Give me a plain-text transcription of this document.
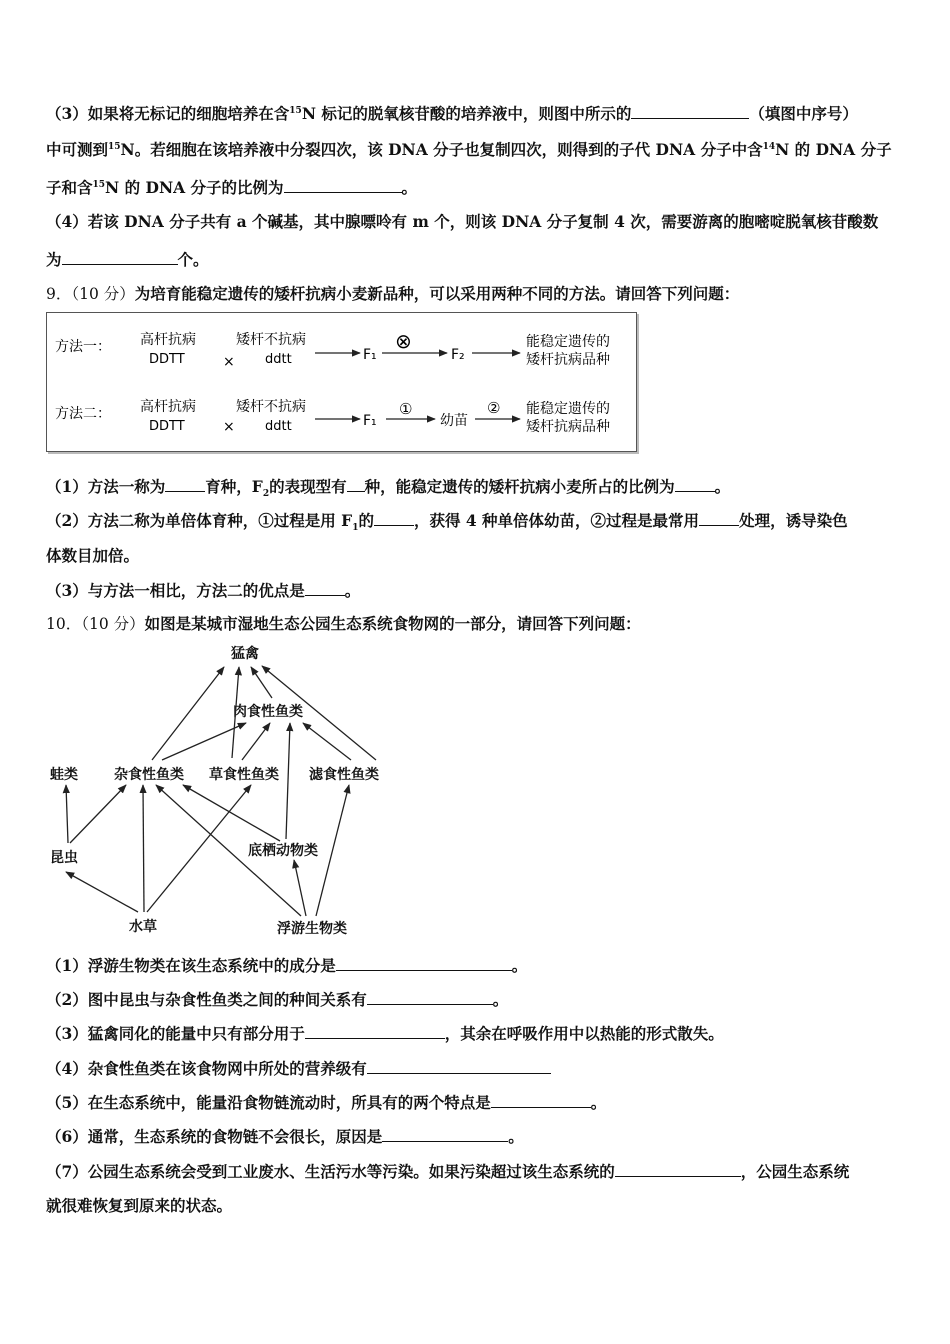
（3）如果将无标记的细胞培养在含$^{15}$N 标记的脱氧核苷酸的培养液中，则图中所示的	（填图中序号）
中可测到$^{15}$N。若细胞在该培养液中分裂四次，该 DNA 分子也复制四次，则得到的子代 DNA 分子中含$^{14}$N 的 DNA 分子
子和含$^{15}$N 的 DNA 分子的比例为	。
（4）若该 DNA 分子共有 a 个碱基，其中腺嘌呤有 m 个，则该 DNA 分子复制 4 次，需要游离的胞嘧啶脱氧核苷酸数
为	个。
9．（10 分）为培育能稳定遗传的矮杆抗病小麦新品种，可以采用两种不同的方法。请回答下列问题：
方法一： 高杆抗病
DDTT	×
矮杆不抗病
ddtt	F₁
⊗
F₂
能稳定遗传的
矮杆抗病品种
方法二： 高杆抗病
DDTT	×
矮杆不抗病
ddtt	F₁
①
幼苗
② 能稳定遗传的
矮杆抗病品种
（1）方法一称为	育种，$F_2$的表现型有 种，能稳定遗传的矮杆抗病小麦所占的比例为	。
（2）方法二称为单倍体育种，①过程是用 $F_1$的	，获得 4 种单倍体幼苗，②过程是最常用	处理，诱导染色
体数目加倍。
（3）与方法一相比，方法二的优点是	。
10．（10 分）如图是某城市湿地生态公园生态系统食物网的一部分，请回答下列问题：
猛禽
肉食性鱼类
蛙类	杂食性鱼类 草食性鱼类 滤食性鱼类
昆虫	底栖动物类
水草	浮游生物类
（1）浮游生物类在该生态系统中的成分是	。
（2）图中昆虫与杂食性鱼类之间的种间关系有	。
（3）猛禽同化的能量中只有部分用于	，其余在呼吸作用中以热能的形式散失。
（4）杂食性鱼类在该食物网中所处的营养级有
（5）在生态系统中，能量沿食物链流动时，所具有的两个特点是	。
（6）通常，生态系统的食物链不会很长，原因是	。
（7）公园生态系统会受到工业废水、生活污水等污染。如果污染超过该生态系统的	，公园生态系统
就很难恢复到原来的状态。
